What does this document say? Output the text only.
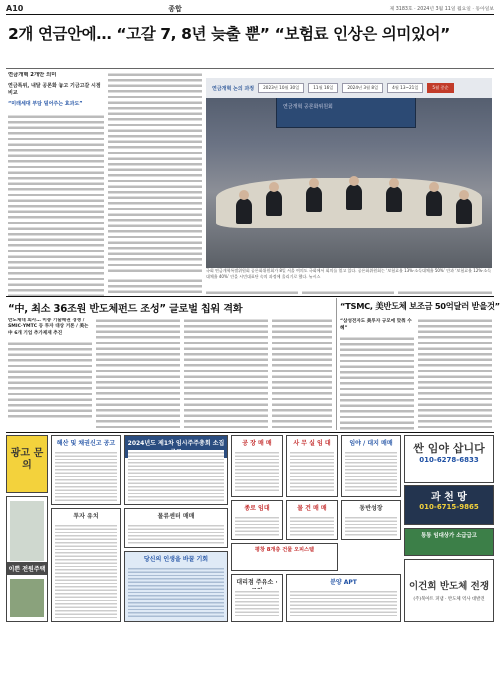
A10	종합	제 3183호 · 2024년 3월 11일 월요일 · 동아일보
2개 연금안에… “고갈 7, 8년 늦출 뿐” “보험료 인상은 의미있어”
연금개혁 2개안 의미
연금특위, 내달 공론화 놓고 기금고갈 시점 비교
“미래세대 부담 덜어주는 효과도”	연금개혁 공론화위원회
연금개혁 논의 과정	2023년 10월 30일	11월 16일	2024년 3월 8일	4월 13~21일	5월 중순
국회 연금개혁특별위원회 공론화위원회가 8일 서울 여의도 국회에서 회의를 열고 있다. 공론화위원회는 ‘보험료율 13%·소득대체율 50%’ 안과 ‘보험료율 12%·소득대체율 40%’ 안을 시민대표단 숙의 과정에 올리기로 했다. 뉴시스
“中, 최소 36조원 반도체펀드 조성” 글로벌 칩워 격화
반도체대 회사… 미중 기술패권 경쟁 / SMIC·YMTC 등 투자 대상 거론 / 美는 中 6개 기업 추가제재 추진
“TSMC, 美반도체 보조금 50억달러 받을것”
“삼성전자도 美투자 규모에 맞춰 수혜”
광고 문의
해산 및 채권신고 공고	2024년도 제1차 임시주주총회 소집	공 장 매 매	사 무 실 임 대	임야 / 대지 매매	싼 임야 삽니다
010-6278-6833
과 천 땅
010-6715-9865
종로 임대	물 건 매 매	동반성장
통통 임대상가 소급급고
이쁜 전원주택
투자 유치	물류센터 매매
당신의 인생을 바꿀 기회
평창 8개층 건물 오피스텔
대리점 주유소 ·	분양 APT	이건희 반도체 전쟁
(주)북아트 펴냄 · 반도체 역사 대발견
